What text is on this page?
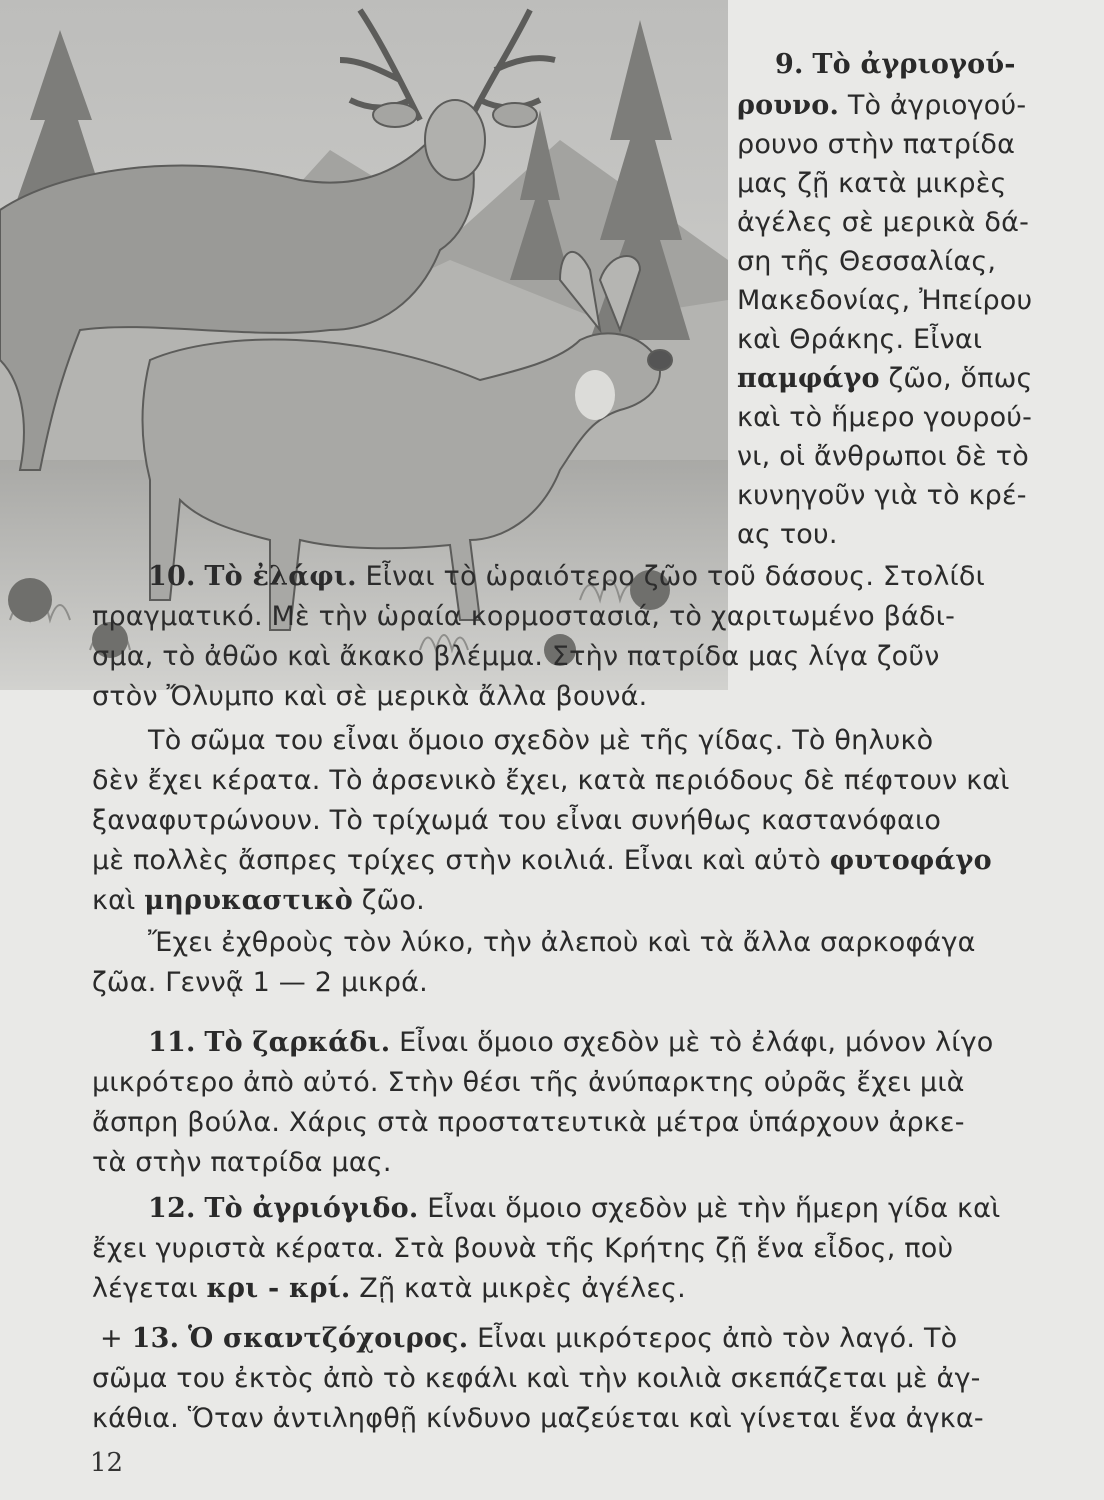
9. Τὸ ἀγριογού-
ρουνο. Τὸ ἀγριογού-
ρουνο στὴν πατρίδα
μας ζῇ κατὰ μικρὲς
ἀγέλες σὲ μερικὰ δά-
ση τῆς Θεσσαλίας,
Μακεδονίας, Ἠπείρου
καὶ Θράκης. Εἶναι
παμφάγο ζῶο, ὅπως
καὶ τὸ ἥμερο γουρού-
νι, οἱ ἄνθρωποι δὲ τὸ
κυνηγοῦν γιὰ τὸ κρέ-
ας του.
10. Τὸ ἐλάφι. Εἶναι τὸ ὡραιότερο ζῶο τοῦ δάσους. Στολίδι
πραγματικό. Μὲ τὴν ὡραία κορμοστασιά, τὸ χαριτωμένο βάδι-
σμα, τὸ ἀθῶο καὶ ἄκακο βλέμμα. Στὴν πατρίδα μας λίγα ζοῦν
στὸν Ὄλυμπο καὶ σὲ μερικὰ ἄλλα βουνά.
Τὸ σῶμα του εἶναι ὅμοιο σχεδὸν μὲ τῆς γίδας. Τὸ θηλυκὸ
δὲν ἔχει κέρατα. Τὸ ἀρσενικὸ ἔχει, κατὰ περιόδους δὲ πέφτουν καὶ
ξαναφυτρώνουν. Τὸ τρίχωμά του εἶναι συνήθως καστανόφαιο
μὲ πολλὲς ἄσπρες τρίχες στὴν κοιλιά. Εἶναι καὶ αὐτὸ φυτοφάγο
καὶ μηρυκαστικὸ ζῶο.
Ἔχει ἐχθροὺς τὸν λύκο, τὴν ἀλεποὺ καὶ τὰ ἄλλα σαρκοφάγα
ζῶα. Γεννᾷ 1 — 2 μικρά.
11. Τὸ ζαρκάδι. Εἶναι ὅμοιο σχεδὸν μὲ τὸ ἐλάφι, μόνον λίγο
μικρότερο ἀπὸ αὐτό. Στὴν θέσι τῆς ἀνύπαρκτης οὐρᾶς ἔχει μιὰ
ἄσπρη βούλα. Χάρις στὰ προστατευτικὰ μέτρα ὑπάρχουν ἀρκε-
τὰ στὴν πατρίδα μας.
12. Τὸ ἀγριόγιδο. Εἶναι ὅμοιο σχεδὸν μὲ τὴν ἥμερη γίδα καὶ
ἔχει γυριστὰ κέρατα. Στὰ βουνὰ τῆς Κρήτης ζῇ ἕνα εἶδος, ποὺ
λέγεται κρι - κρί. Ζῇ κατὰ μικρὲς ἀγέλες.
+ 13. Ὁ σκαντζόχοιρος. Εἶναι μικρότερος ἀπὸ τὸν λαγό. Τὸ
σῶμα του ἐκτὸς ἀπὸ τὸ κεφάλι καὶ τὴν κοιλιὰ σκεπάζεται μὲ ἀγ-
κάθια. Ὅταν ἀντιληφθῇ κίνδυνο μαζεύεται καὶ γίνεται ἕνα ἀγκα-
12
